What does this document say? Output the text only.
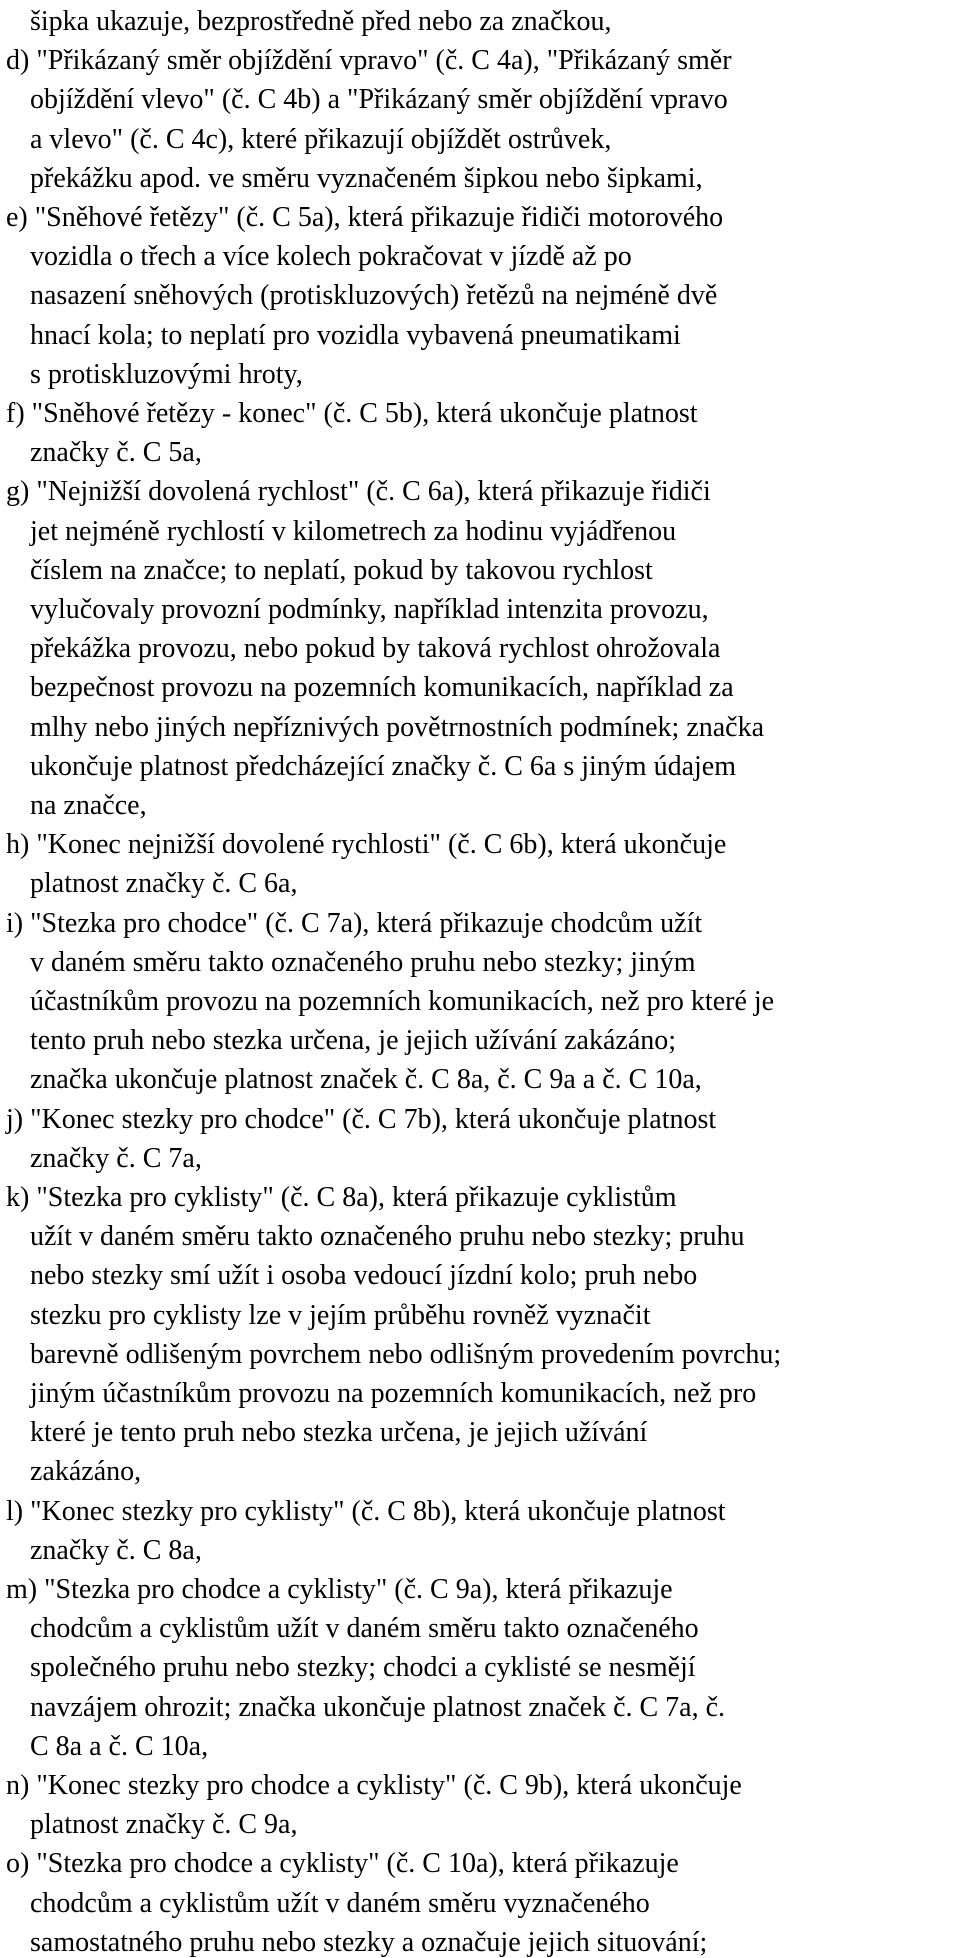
šipka ukazuje, bezprostředně před nebo za značkou,
d) "Přikázaný směr objíždění vpravo" (č. C 4a), "Přikázaný směr
objíždění vlevo" (č. C 4b) a "Přikázaný směr objíždění vpravo
a vlevo" (č. C 4c), které přikazují objíždět ostrůvek,
překážku apod. ve směru vyznačeném šipkou nebo šipkami,
e) "Sněhové řetězy" (č. C 5a), která přikazuje řidiči motorového
vozidla o třech a více kolech pokračovat v jízdě až po
nasazení sněhových (protiskluzových) řetězů na nejméně dvě
hnací kola; to neplatí pro vozidla vybavená pneumatikami
s protiskluzovými hroty,
f) "Sněhové řetězy - konec" (č. C 5b), která ukončuje platnost
značky č. C 5a,
g) "Nejnižší dovolená rychlost" (č. C 6a), která přikazuje řidiči
jet nejméně rychlostí v kilometrech za hodinu vyjádřenou
číslem na značce; to neplatí, pokud by takovou rychlost
vylučovaly provozní podmínky, například intenzita provozu,
překážka provozu, nebo pokud by taková rychlost ohrožovala
bezpečnost provozu na pozemních komunikacích, například za
mlhy nebo jiných nepříznivých povětrnostních podmínek; značka
ukončuje platnost předcházející značky č. C 6a s jiným údajem
na značce,
h) "Konec nejnižší dovolené rychlosti" (č. C 6b), která ukončuje
platnost značky č. C 6a,
i) "Stezka pro chodce" (č. C 7a), která přikazuje chodcům užít
v daném směru takto označeného pruhu nebo stezky; jiným
účastníkům provozu na pozemních komunikacích, než pro které je
tento pruh nebo stezka určena, je jejich užívání zakázáno;
značka ukončuje platnost značek č. C 8a, č. C 9a a č. C 10a,
j) "Konec stezky pro chodce" (č. C 7b), která ukončuje platnost
značky č. C 7a,
k) "Stezka pro cyklisty" (č. C 8a), která přikazuje cyklistům
užít v daném směru takto označeného pruhu nebo stezky; pruhu
nebo stezky smí užít i osoba vedoucí jízdní kolo; pruh nebo
stezku pro cyklisty lze v jejím průběhu rovněž vyznačit
barevně odlišeným povrchem nebo odlišným provedením povrchu;
jiným účastníkům provozu na pozemních komunikacích, než pro
které je tento pruh nebo stezka určena, je jejich užívání
zakázáno,
l) "Konec stezky pro cyklisty" (č. C 8b), která ukončuje platnost
značky č. C 8a,
m) "Stezka pro chodce a cyklisty" (č. C 9a), která přikazuje
chodcům a cyklistům užít v daném směru takto označeného
společného pruhu nebo stezky; chodci a cyklisté se nesmějí
navzájem ohrozit; značka ukončuje platnost značek č. C 7a, č.
C 8a a č. C 10a,
n) "Konec stezky pro chodce a cyklisty" (č. C 9b), která ukončuje
platnost značky č. C 9a,
o) "Stezka pro chodce a cyklisty" (č. C 10a), která přikazuje
chodcům a cyklistům užít v daném směru vyznačeného
samostatného pruhu nebo stezky a označuje jejich situování;
